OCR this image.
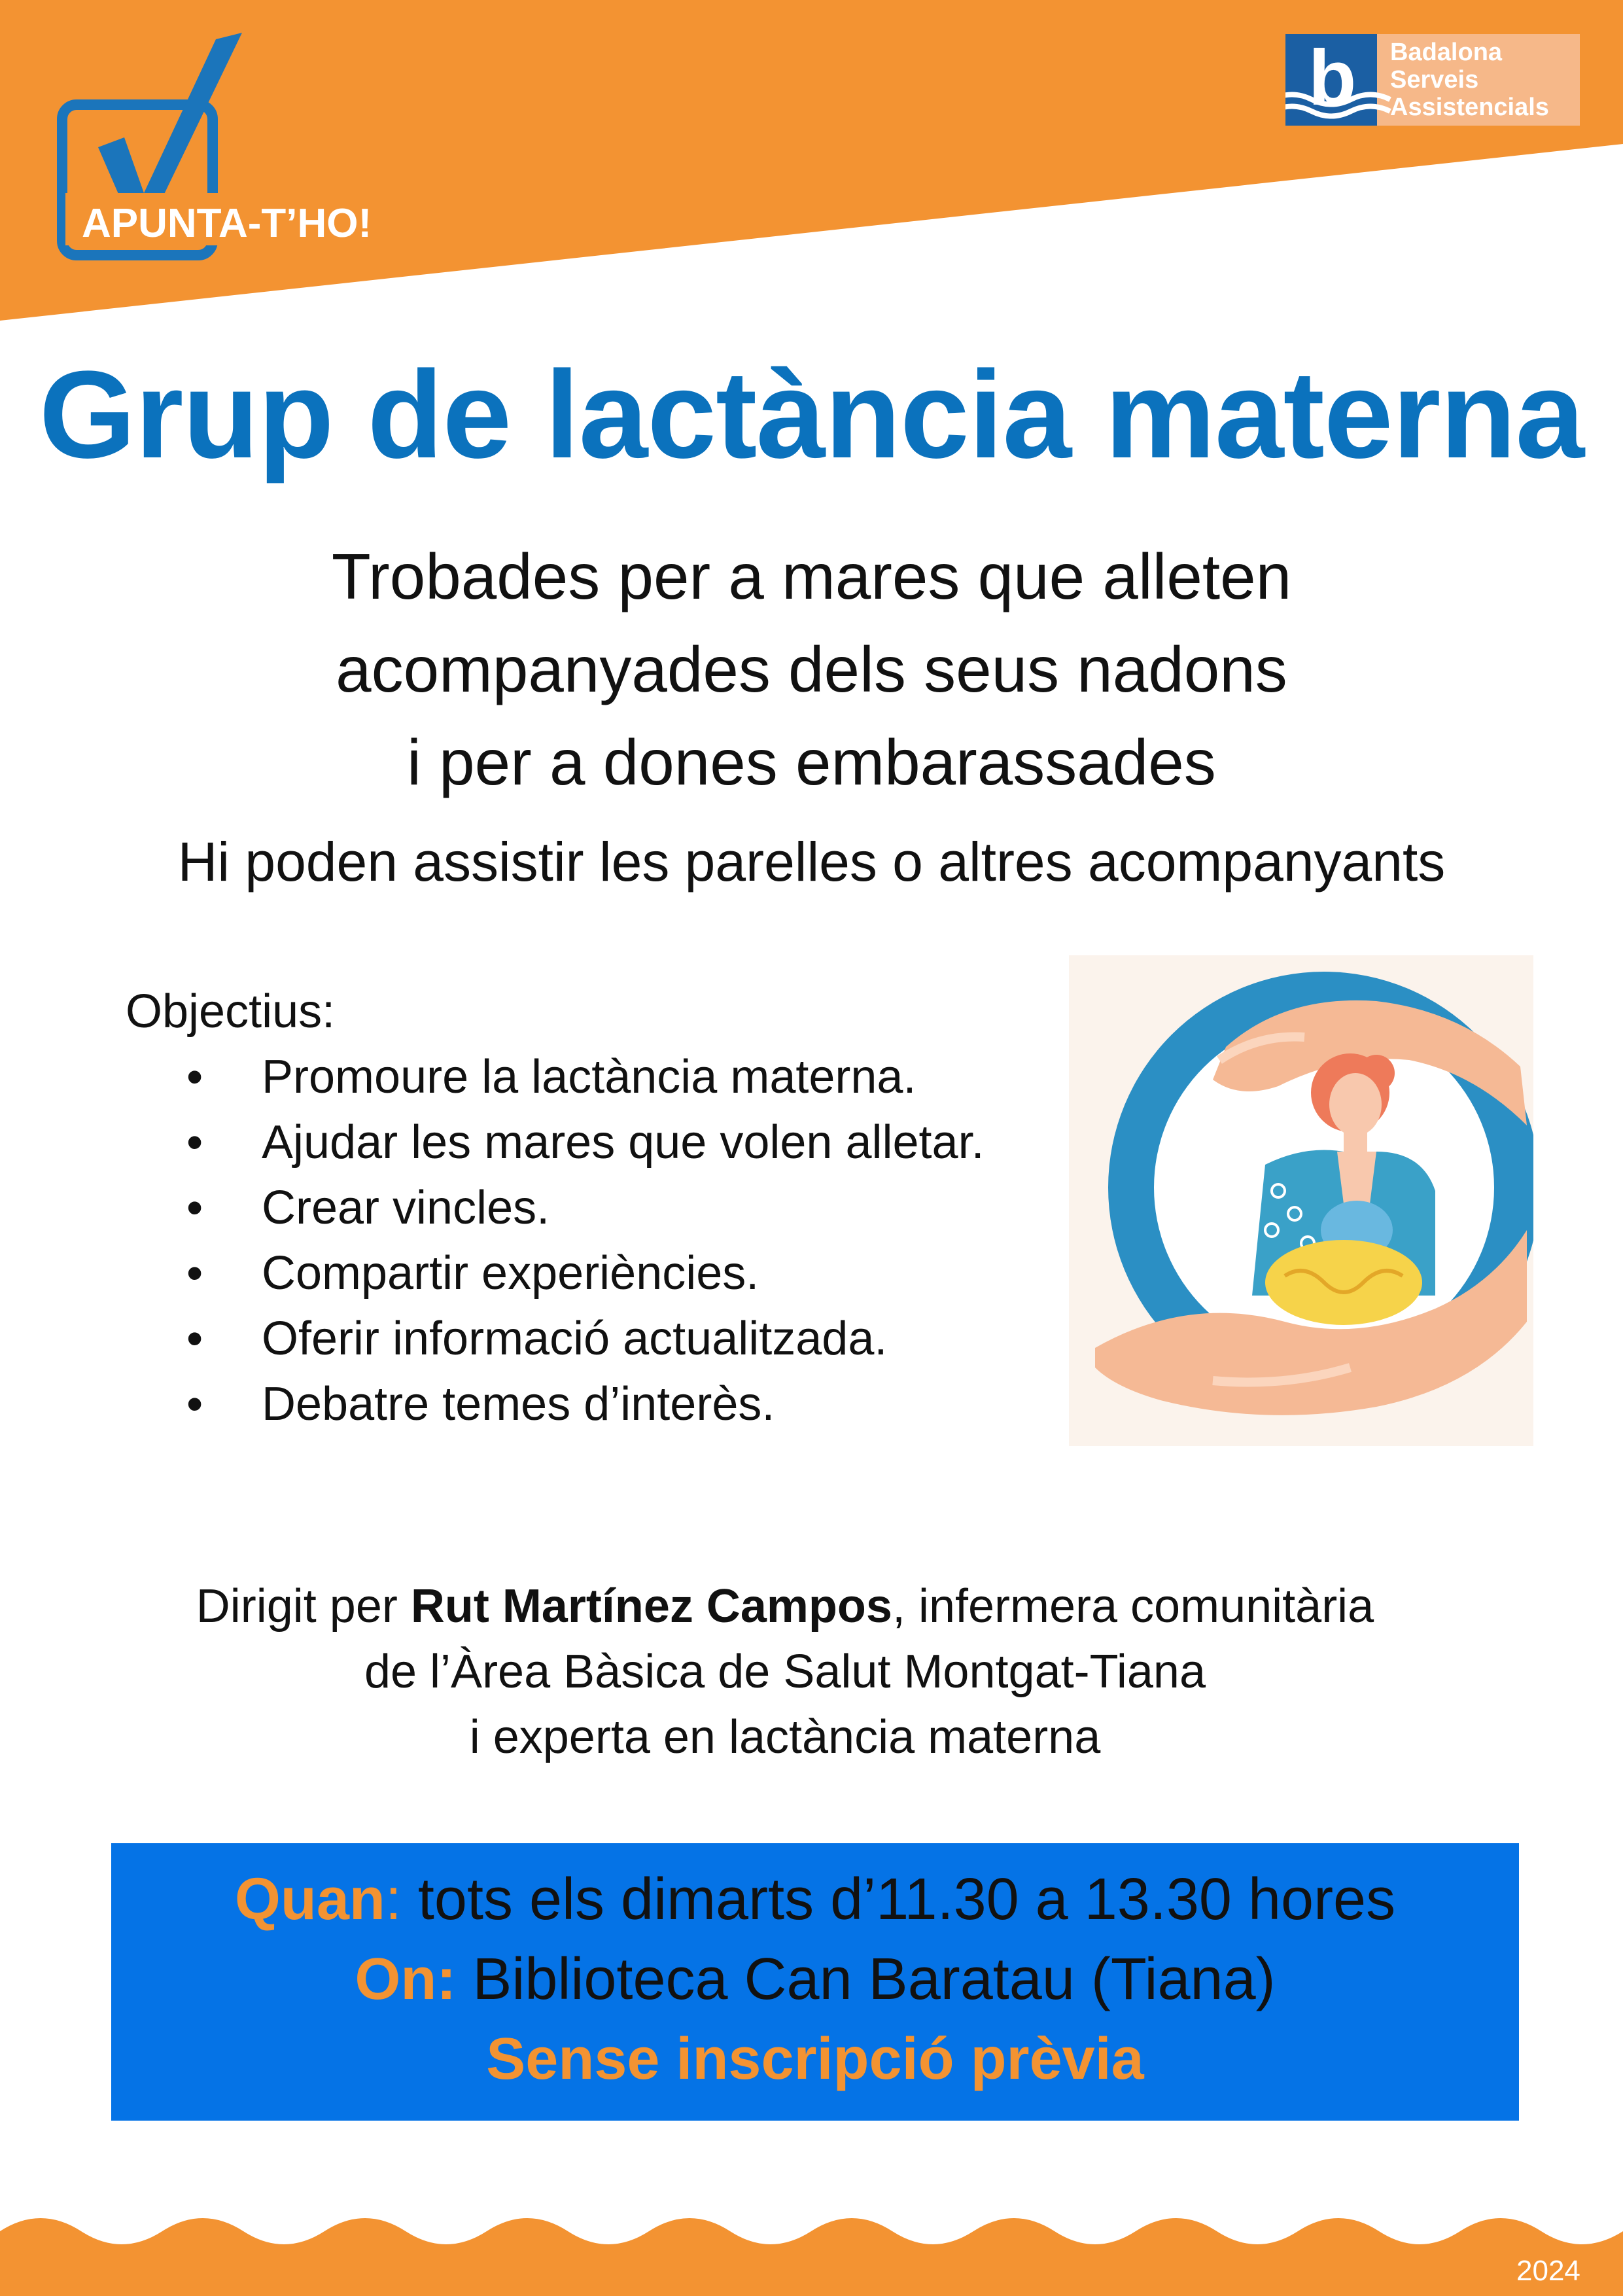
APUNTA-T’HO!
b Badalona
Serveis
Assistencials
Grup de lactància materna
Trobades per a mares que alleten
acompanyades dels seus nadons
i per a dones embarassades
Hi poden assistir les parelles o altres acompanyants
Objectius:
• Promoure la lactància materna.
• Ajudar les mares que volen alletar.
• Crear vincles.
• Compartir experiències.
• Oferir informació actualitzada.
• Debatre temes d’interès.
Dirigit per Rut Martínez Campos, infermera comunitària
de l’Àrea Bàsica de Salut Montgat-Tiana
i experta en lactància materna
Quan: tots els dimarts d’11.30 a 13.30 hores
On: Biblioteca Can Baratau (Tiana)
Sense inscripció prèvia
2024
